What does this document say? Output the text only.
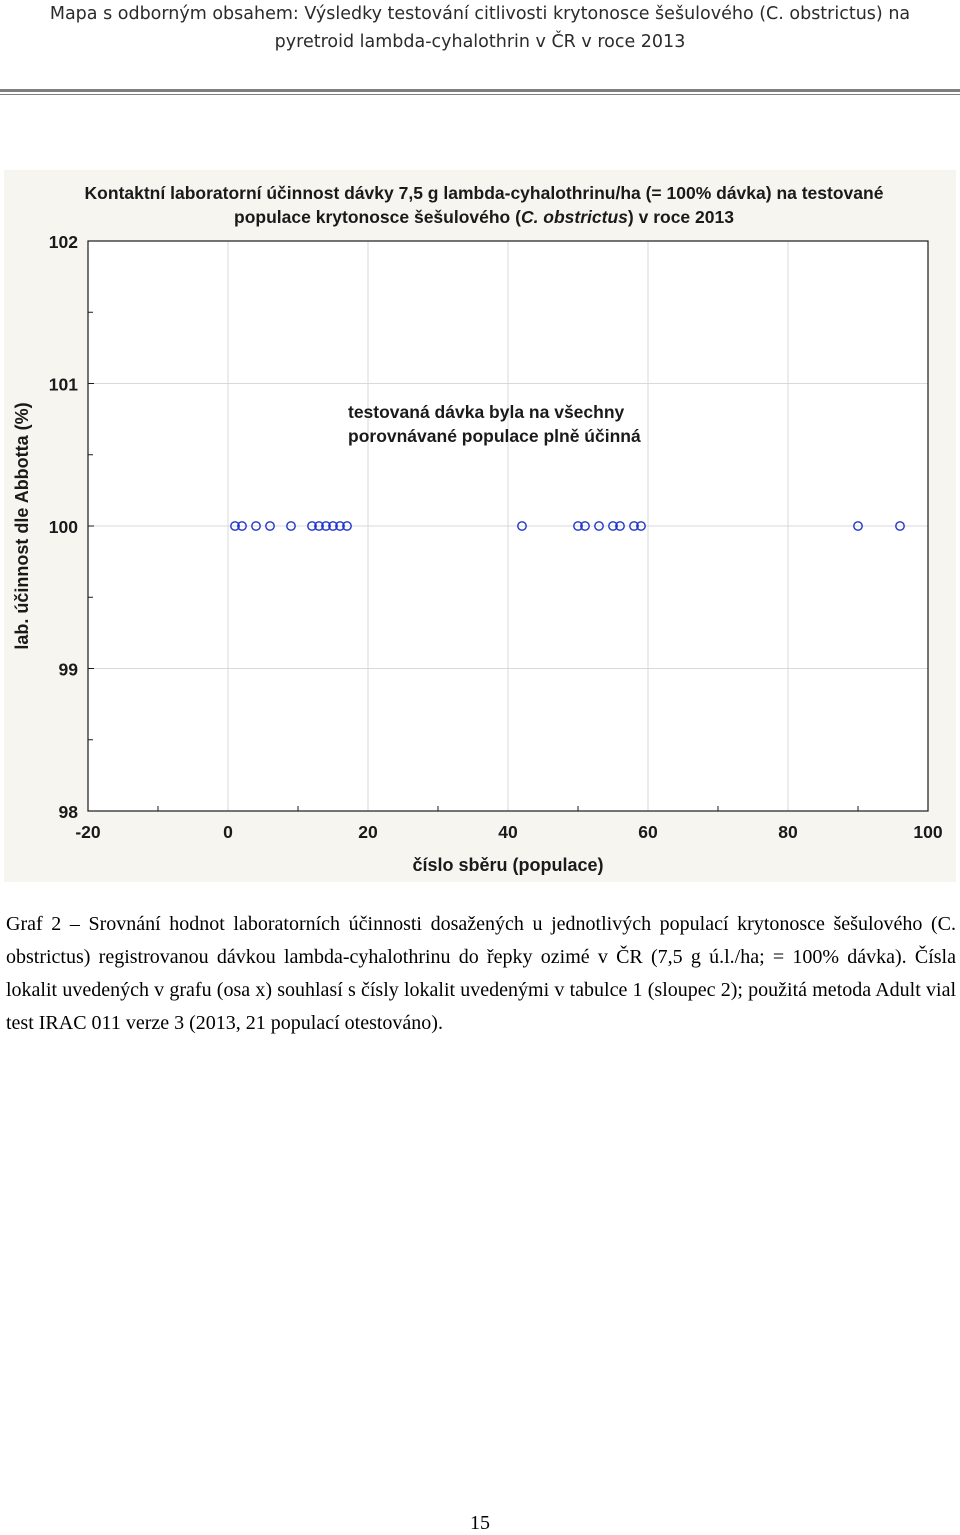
Mapa s odborným obsahem: Výsledky testování citlivosti krytonosce šešulového (C. obstrictus) na
pyretroid lambda-cyhalothrin v ČR v roce 2013
-20	0	20	40	60	80	100
98
99
100
101
102
Kontaktní laboratorní účinnost dávky 7,5 g lambda-cyhalothrinu/ha (= 100% dávka) na testované
populace krytonosce šešulového (C. obstrictus) v roce 2013
testovaná dávka byla na všechny
porovnávané populace plně účinná
číslo sběru (populace)
lab. účinnost dle Abbotta (%)
Graf 2 – Srovnání hodnot laboratorních účinnosti dosažených u jednotlivých populací krytonosce šešulového (C. obstrictus) registrovanou dávkou lambda-cyhalothrinu do řepky ozimé v ČR (7,5 g ú.l./ha; = 100% dávka). Čísla lokalit uvedených v grafu (osa x) souhlasí s čísly lokalit uvedenými v tabulce 1 (sloupec 2); použitá metoda Adult vial test IRAC 011 verze 3 (2013, 21 populací otestováno).
15
